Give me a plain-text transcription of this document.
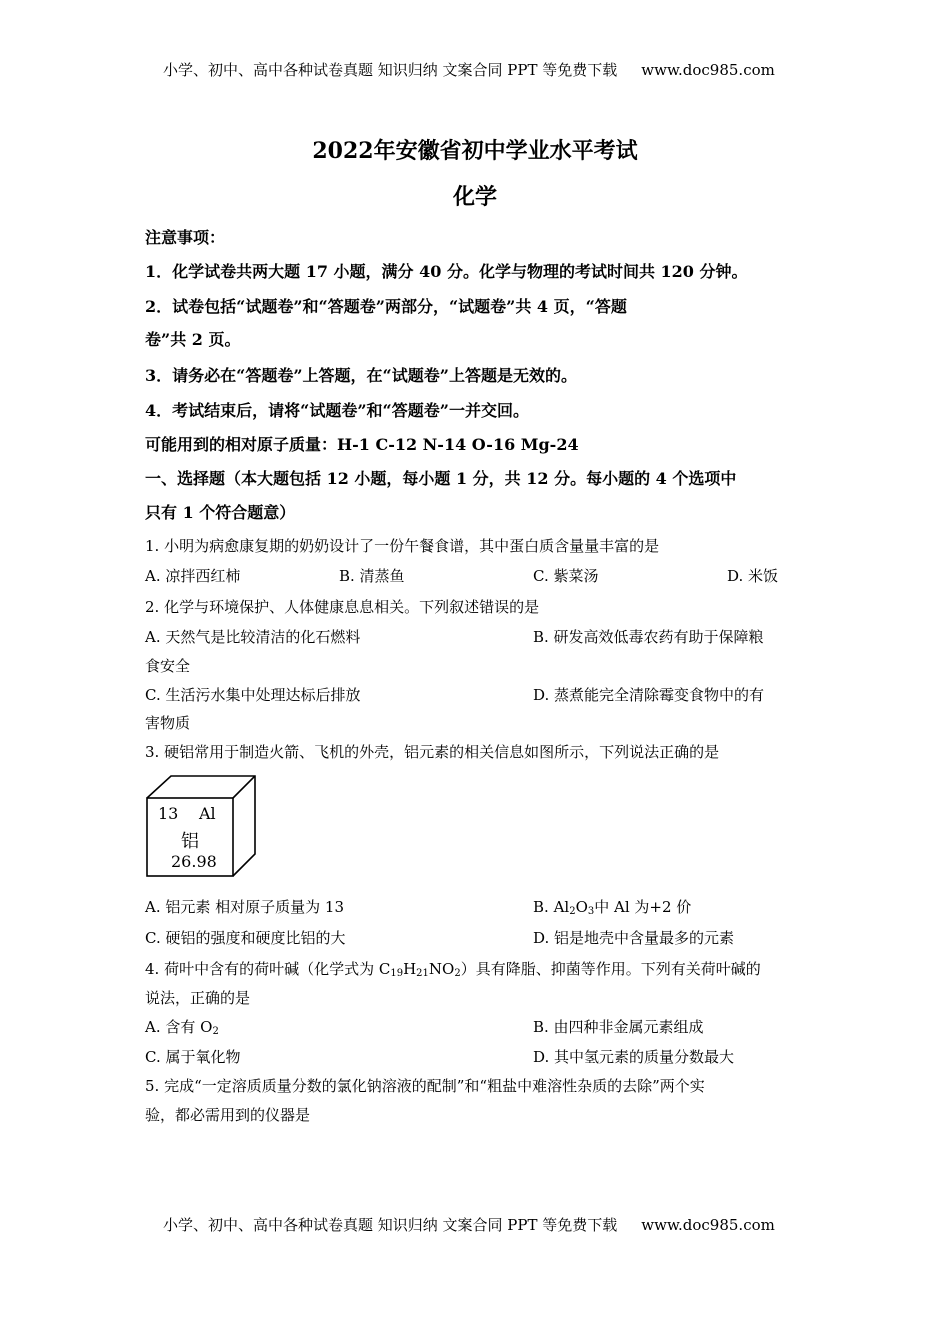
小学、初中、高中各种试卷真题 知识归纳 文案合同 PPT 等免费下载 www.doc985.com
2022年安徽省初中学业水平考试
化学
注意事项：
1．化学试卷共两大题 17 小题，满分 40 分。化学与物理的考试时间共 120 分钟。
2．试卷包括“试题卷”和“答题卷”两部分，“试题卷”共 4 页，“答题
卷”共 2 页。
3．请务必在“答题卷”上答题，在“试题卷”上答题是无效的。
4．考试结束后，请将“试题卷”和“答题卷”一并交回。
可能用到的相对原子质量：H-1 C-12 N-14 O-16 Mg-24
一、选择题（本大题包括 12 小题，每小题 1 分，共 12 分。每小题的 4 个选项中
只有 1 个符合题意）
1. 小明为病愈康复期的奶奶设计了一份午餐食谱，其中蛋白质含量量丰富的是
A. 凉拌西红柿	B. 清蒸鱼	C. 紫菜汤	D. 米饭
2. 化学与环境保护、人体健康息息相关。下列叙述错误的是
A. 天然气是比较清洁的化石燃料	B. 研发高效低毒农药有助于保障粮
食安全
C. 生活污水集中处理达标后排放	D. 蒸煮能完全清除霉变食物中的有
害物质
3. 硬铝常用于制造火箭、飞机的外壳，铝元素的相关信息如图所示，下列说法正确的是
13 Al
铝
26.98
A. 铝元素 相对原子质量为 13	B. $Al_2O_3$中 Al 为+2 价
C. 硬铝的强度和硬度比铝的大	D. 铝是地壳中含量最多的元素
4. 荷叶中含有的荷叶碱（化学式为 $C_{19}H_{21}NO_2$）具有降脂、抑菌等作用。下列有关荷叶碱的
说法，正确的是
A. 含有 $O_2$	B. 由四种非金属元素组成
C. 属于氧化物	D. 其中氢元素的质量分数最大
5. 完成“一定溶质质量分数的氯化钠溶液的配制”和“粗盐中难溶性杂质的去除”两个实
验，都必需用到的仪器是
小学、初中、高中各种试卷真题 知识归纳 文案合同 PPT 等免费下载 www.doc985.com
